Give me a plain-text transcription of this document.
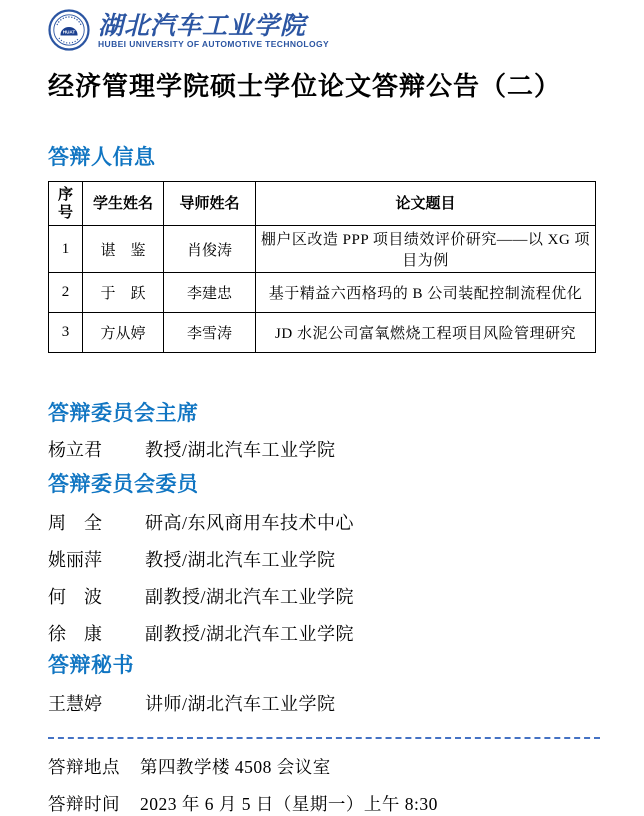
HUAT 湖北汽车工业学院
HUBEI UNIVERSITY OF AUTOMOTIVE TECHNOLOGY
经济管理学院硕士学位论文答辩公告（二）
答辩人信息
序号	学生姓名	导师姓名	论文题目
1	谌　鉴	肖俊涛	棚户区改造 PPP 项目绩效评价研究——以 XG 项目为例
2	于　跃	李建忠	基于精益六西格玛的 B 公司装配控制流程优化
3	方从婷	李雪涛	JD 水泥公司富氧燃烧工程项目风险管理研究
答辩委员会主席
杨立君	教授/湖北汽车工业学院
答辩委员会委员
周　全	研高/东风商用车技术中心
姚丽萍	教授/湖北汽车工业学院
何　波	副教授/湖北汽车工业学院
徐　康	副教授/湖北汽车工业学院
答辩秘书
王慧婷	讲师/湖北汽车工业学院
答辩地点 第四教学楼 4508 会议室
答辩时间 2023 年 6 月 5 日（星期一）上午 8:30
